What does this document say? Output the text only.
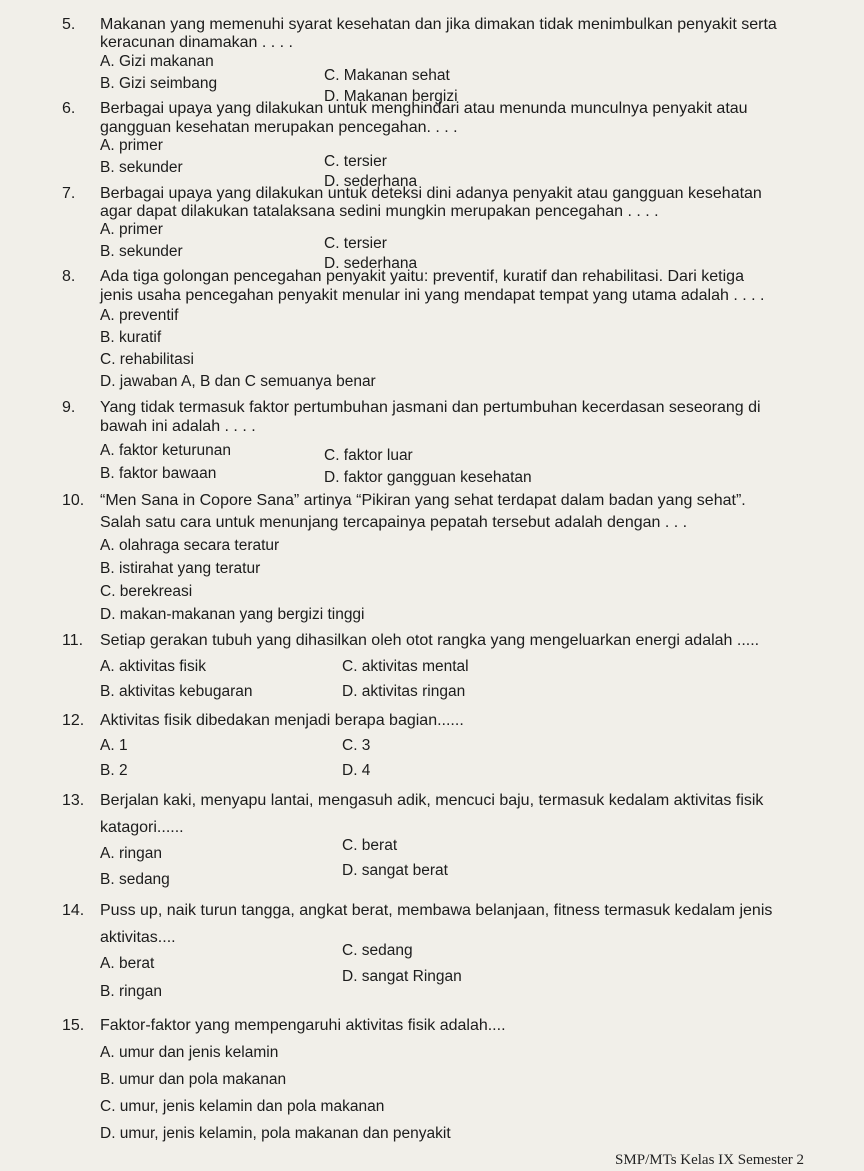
5. Makanan yang memenuhi syarat kesehatan dan jika dimakan tidak menimbulkan penyakit serta
keracunan dinamakan . . . .
A. Gizi makanan
B. Gizi seimbang	C. Makanan sehat
D. Makanan bergizi
6. Berbagai upaya yang dilakukan untuk menghindari atau menunda munculnya penyakit atau
gangguan kesehatan merupakan pencegahan. . . .
A. primer
B. sekunder	C. tersier
D. sederhana
7. Berbagai upaya yang dilakukan untuk deteksi dini adanya penyakit atau gangguan kesehatan
agar dapat dilakukan tatalaksana sedini mungkin merupakan pencegahan . . . .
A. primer
B. sekunder	C. tersier
D. sederhana
8. Ada tiga golongan pencegahan penyakit yaitu: preventif, kuratif dan rehabilitasi. Dari ketiga
jenis usaha pencegahan penyakit menular ini yang mendapat tempat yang utama adalah . . . .
A. preventif
B. kuratif
C. rehabilitasi
D. jawaban A, B dan C semuanya benar
9. Yang tidak termasuk faktor pertumbuhan jasmani dan pertumbuhan kecerdasan seseorang di
bawah ini adalah . . . .
A. faktor keturunan
B. faktor bawaan
C. faktor luar
D. faktor gangguan kesehatan
10. “Men Sana in Copore Sana” artinya “Pikiran yang sehat terdapat dalam badan yang sehat”.
Salah satu cara untuk menunjang tercapainya pepatah tersebut adalah dengan . . .
A. olahraga secara teratur
B. istirahat yang teratur
C. berekreasi
D. makan-makanan yang bergizi tinggi
11. Setiap gerakan tubuh yang dihasilkan oleh otot rangka yang mengeluarkan energi adalah .....
A. aktivitas fisik
B. aktivitas kebugaran
C. aktivitas mental
D. aktivitas ringan
12. Aktivitas fisik dibedakan menjadi berapa bagian......
A. 1
B. 2
C. 3
D. 4
13. Berjalan kaki, menyapu lantai, mengasuh adik, mencuci baju, termasuk kedalam aktivitas fisik
katagori......
A. ringan
B. sedang
C. berat
D. sangat berat
14. Puss up, naik turun tangga, angkat berat, membawa belanjaan, fitness termasuk kedalam jenis
aktivitas....
A. berat
B. ringan
C. sedang
D. sangat Ringan
15. Faktor-faktor yang mempengaruhi aktivitas fisik adalah....
A. umur dan jenis kelamin
B. umur dan pola makanan
C. umur, jenis kelamin dan pola makanan
D. umur, jenis kelamin, pola makanan dan penyakit
SMP/MTs Kelas IX Semester 2
